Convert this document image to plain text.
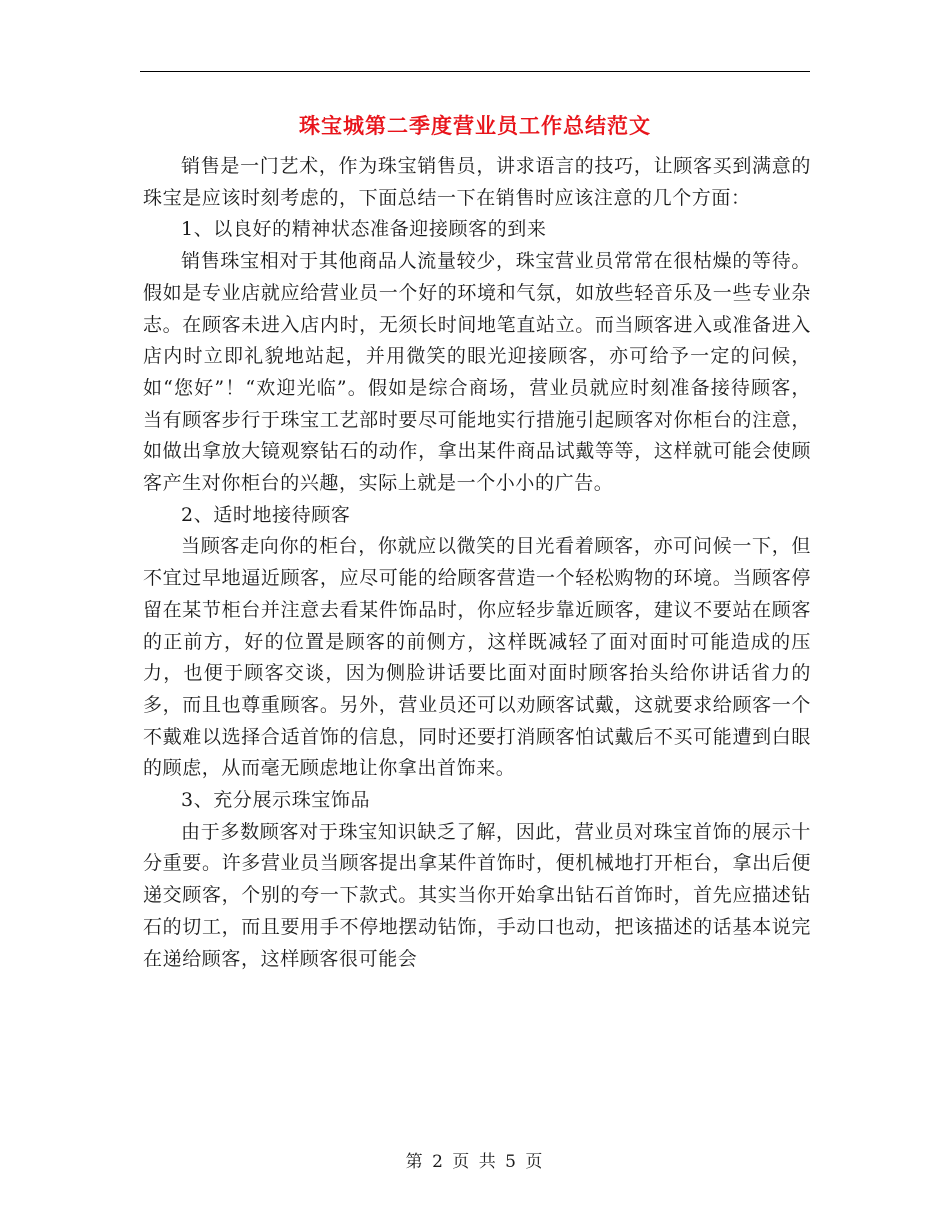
珠宝城第二季度营业员工作总结范文

销售是一门艺术，作为珠宝销售员，讲求语言的技巧，让顾客买到满意的珠宝是应该时刻考虑的，下面总结一下在销售时应该注意的几个方面：

1、以良好的精神状态准备迎接顾客的到来

销售珠宝相对于其他商品人流量较少，珠宝营业员常常在很枯燥的等待。假如是专业店就应给营业员一个好的环境和气氛，如放些轻音乐及一些专业杂志。在顾客未进入店内时，无须长时间地笔直站立。而当顾客进入或准备进入店内时立即礼貌地站起，并用微笑的眼光迎接顾客，亦可给予一定的问候，如“您好”！“欢迎光临”。假如是综合商场，营业员就应时刻准备接待顾客，当有顾客步行于珠宝工艺部时要尽可能地实行措施引起顾客对你柜台的注意，如做出拿放大镜观察钻石的动作，拿出某件商品试戴等等，这样就可能会使顾客产生对你柜台的兴趣，实际上就是一个小小的广告。

2、适时地接待顾客

当顾客走向你的柜台，你就应以微笑的目光看着顾客，亦可问候一下，但不宜过早地逼近顾客，应尽可能的给顾客营造一个轻松购物的环境。当顾客停留在某节柜台并注意去看某件饰品时，你应轻步靠近顾客，建议不要站在顾客的正前方，好的位置是顾客的前侧方，这样既减轻了面对面时可能造成的压力，也便于顾客交谈，因为侧脸讲话要比面对面时顾客抬头给你讲话省力的多，而且也尊重顾客。另外，营业员还可以劝顾客试戴，这就要求给顾客一个不戴难以选择合适首饰的信息，同时还要打消顾客怕试戴后不买可能遭到白眼的顾虑，从而毫无顾虑地让你拿出首饰来。

3、充分展示珠宝饰品

由于多数顾客对于珠宝知识缺乏了解，因此，营业员对珠宝首饰的展示十分重要。许多营业员当顾客提出拿某件首饰时，便机械地打开柜台，拿出后便递交顾客，个别的夸一下款式。其实当你开始拿出钻石首饰时，首先应描述钻石的切工，而且要用手不停地摆动钻饰，手动口也动，把该描述的话基本说完在递给顾客，这样顾客很可能会

第 2 页 共 5 页
